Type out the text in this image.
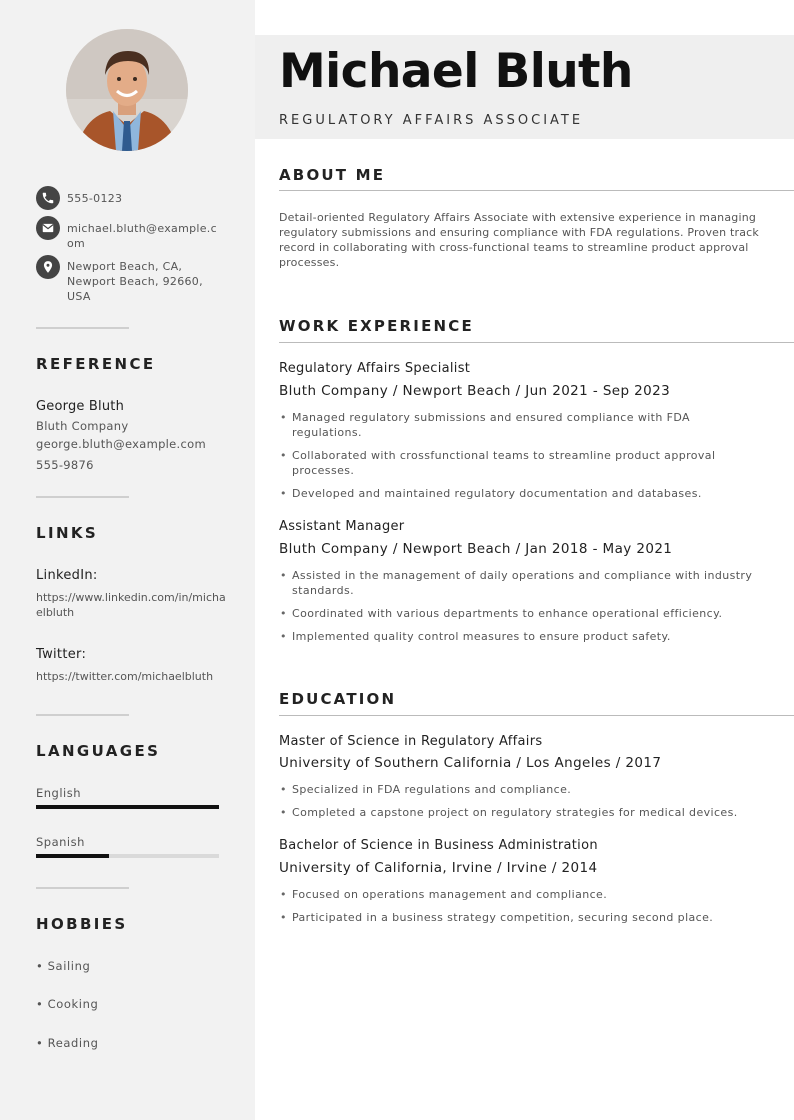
555-0123
michael.bluth@example.com
Newport Beach, CA, Newport Beach, 92660, USA
REFERENCE
George Bluth
Bluth Company
george.bluth@example.com
555-9876
LINKS
LinkedIn:
https://www.linkedin.com/in/michaelbluth
Twitter:
https://twitter.com/michaelbluth
LANGUAGES
English
Spanish
HOBBIES
• Sailing
• Cooking
• Reading
Michael Bluth
REGULATORY AFFAIRS ASSOCIATE
ABOUT ME
Detail-oriented Regulatory Affairs Associate with extensive experience in managing regulatory submissions and ensuring compliance with FDA regulations. Proven track record in collaborating with cross-functional teams to streamline product approval processes.
WORK EXPERIENCE
Regulatory Affairs Specialist
Bluth Company / Newport Beach / Jun 2021 - Sep 2023
• Managed regulatory submissions and ensured compliance with FDA regulations.
• Collaborated with crossfunctional teams to streamline product approval processes.
• Developed and maintained regulatory documentation and databases.
Assistant Manager
Bluth Company / Newport Beach / Jan 2018 - May 2021
• Assisted in the management of daily operations and compliance with industry standards.
• Coordinated with various departments to enhance operational efficiency.
• Implemented quality control measures to ensure product safety.
EDUCATION
Master of Science in Regulatory Affairs
University of Southern California / Los Angeles / 2017
• Specialized in FDA regulations and compliance.
• Completed a capstone project on regulatory strategies for medical devices.
Bachelor of Science in Business Administration
University of California, Irvine / Irvine / 2014
• Focused on operations management and compliance.
• Participated in a business strategy competition, securing second place.
